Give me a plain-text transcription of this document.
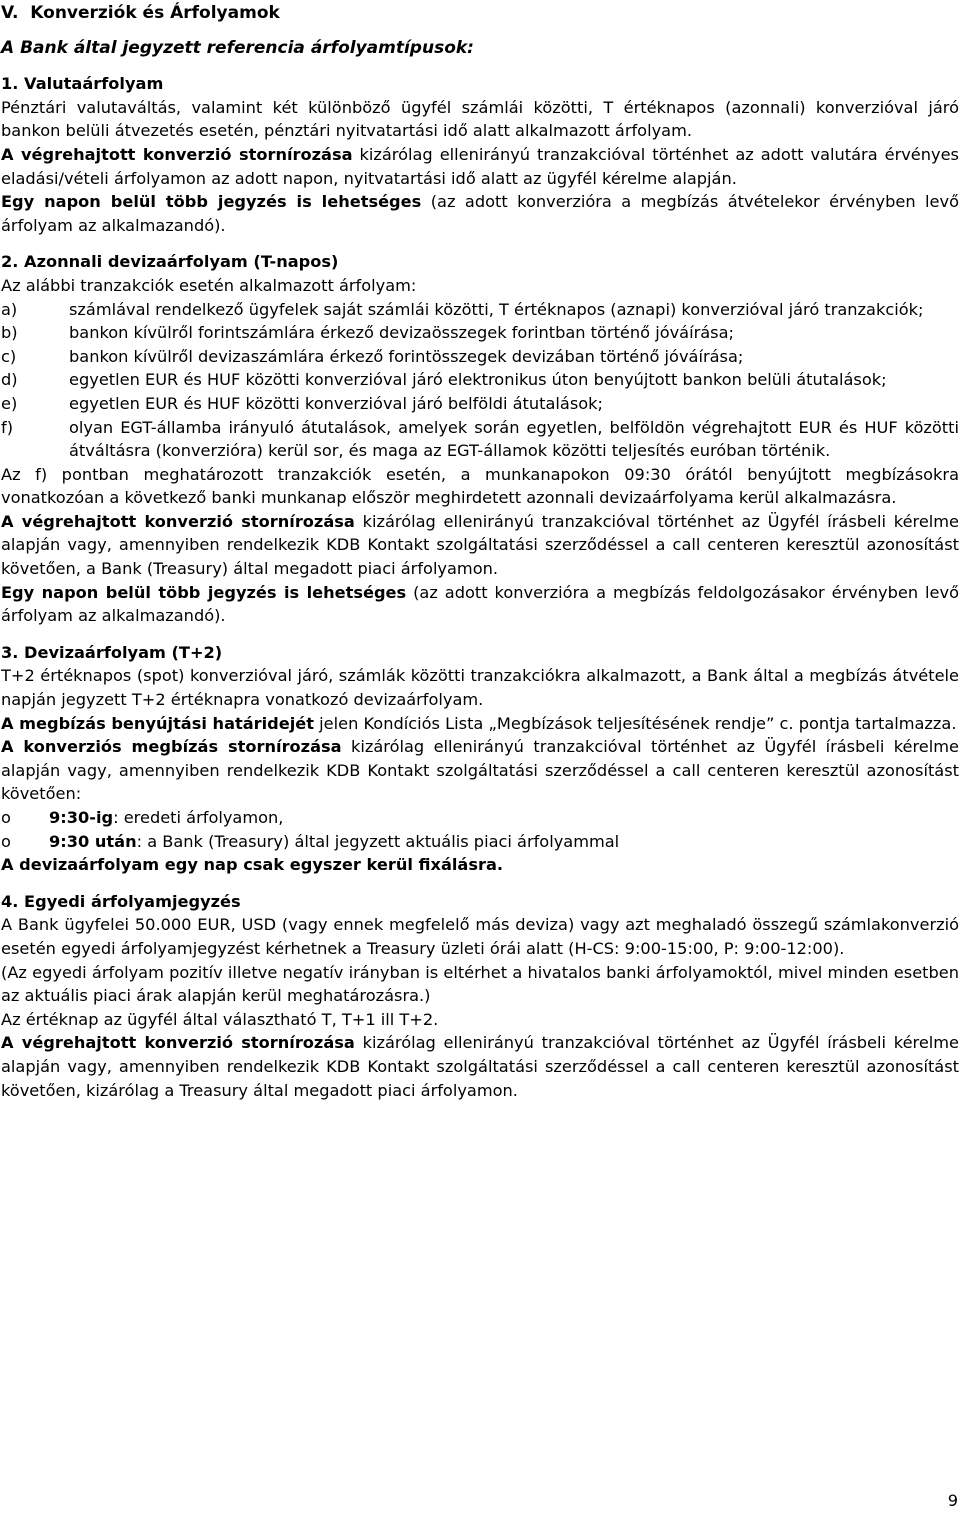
V.  Konverziók és Árfolyamok

A Bank által jegyzett referencia árfolyamtípusok:

1. Valutaárfolyam

Pénztári valutaváltás, valamint két különböző ügyfél számlái közötti, T értéknapos (azonnali) konverzióval járó bankon belüli átvezetés esetén, pénztári nyitvatartási idő alatt alkalmazott árfolyam.

A végrehajtott konverzió stornírozása kizárólag ellenirányú tranzakcióval történhet az adott valutára érvényes eladási/vételi árfolyamon az adott napon, nyitvatartási idő alatt az ügyfél kérelme alapján.

Egy napon belül több jegyzés is lehetséges (az adott konverzióra a megbízás átvételekor érvényben levő árfolyam az alkalmazandó).

2. Azonnali devizaárfolyam (T-napos)

Az alábbi tranzakciók esetén alkalmazott árfolyam:

a)	számlával rendelkező ügyfelek saját számlái közötti, T értéknapos (aznapi) konverzióval járó tranzakciók;
b)	bankon kívülről forintszámlára érkező devizaösszegek forintban történő jóváírása;
c)	bankon kívülről devizaszámlára érkező forintösszegek devizában történő jóváírása;
d)	egyetlen EUR és HUF közötti konverzióval járó elektronikus úton benyújtott bankon belüli átutalások;
e)	egyetlen EUR és HUF közötti konverzióval járó belföldi átutalások;
f)	olyan EGT-államba irányuló átutalások, amelyek során egyetlen, belföldön végrehajtott EUR és HUF közötti átváltásra (konverzióra) kerül sor, és maga az EGT-államok közötti teljesítés euróban történik.

Az f) pontban meghatározott tranzakciók esetén, a munkanapokon 09:30 órától benyújtott megbízásokra vonatkozóan a következő banki munkanap először meghirdetett azonnali devizaárfolyama kerül alkalmazásra.

A végrehajtott konverzió stornírozása kizárólag ellenirányú tranzakcióval történhet az Ügyfél írásbeli kérelme alapján vagy, amennyiben rendelkezik KDB Kontakt szolgáltatási szerződéssel a call centeren keresztül azonosítást követően, a Bank (Treasury) által megadott piaci árfolyamon.

Egy napon belül több jegyzés is lehetséges (az adott konverzióra a megbízás feldolgozásakor érvényben levő árfolyam az alkalmazandó).

3. Devizaárfolyam (T+2)

T+2 értéknapos (spot) konverzióval járó, számlák közötti tranzakciókra alkalmazott, a Bank által a megbízás átvétele napján jegyzett T+2 értéknapra vonatkozó devizaárfolyam.

A megbízás benyújtási határidejét jelen Kondíciós Lista „Megbízások teljesítésének rendje” c. pontja tartalmazza.

A konverziós megbízás stornírozása kizárólag ellenirányú tranzakcióval történhet az Ügyfél írásbeli kérelme alapján vagy, amennyiben rendelkezik KDB Kontakt szolgáltatási szerződéssel a call centeren keresztül azonosítást követően:

o 9:30-ig: eredeti árfolyamon,
o 9:30 után: a Bank (Treasury) által jegyzett aktuális piaci árfolyammal

A devizaárfolyam egy nap csak egyszer kerül fixálásra.

4. Egyedi árfolyamjegyzés

A Bank ügyfelei 50.000 EUR, USD (vagy ennek megfelelő más deviza) vagy azt meghaladó összegű számlakonverzió esetén egyedi árfolyamjegyzést kérhetnek a Treasury üzleti órái alatt (H-CS: 9:00-15:00, P: 9:00-12:00).

(Az egyedi árfolyam pozitív illetve negatív irányban is eltérhet a hivatalos banki árfolyamoktól, mivel minden esetben az aktuális piaci árak alapján kerül meghatározásra.)

Az értéknap az ügyfél által választható T, T+1 ill T+2.

A végrehajtott konverzió stornírozása kizárólag ellenirányú tranzakcióval történhet az Ügyfél írásbeli kérelme alapján vagy, amennyiben rendelkezik KDB Kontakt szolgáltatási szerződéssel a call centeren keresztül azonosítást követően, kizárólag a Treasury által megadott piaci árfolyamon.

9
